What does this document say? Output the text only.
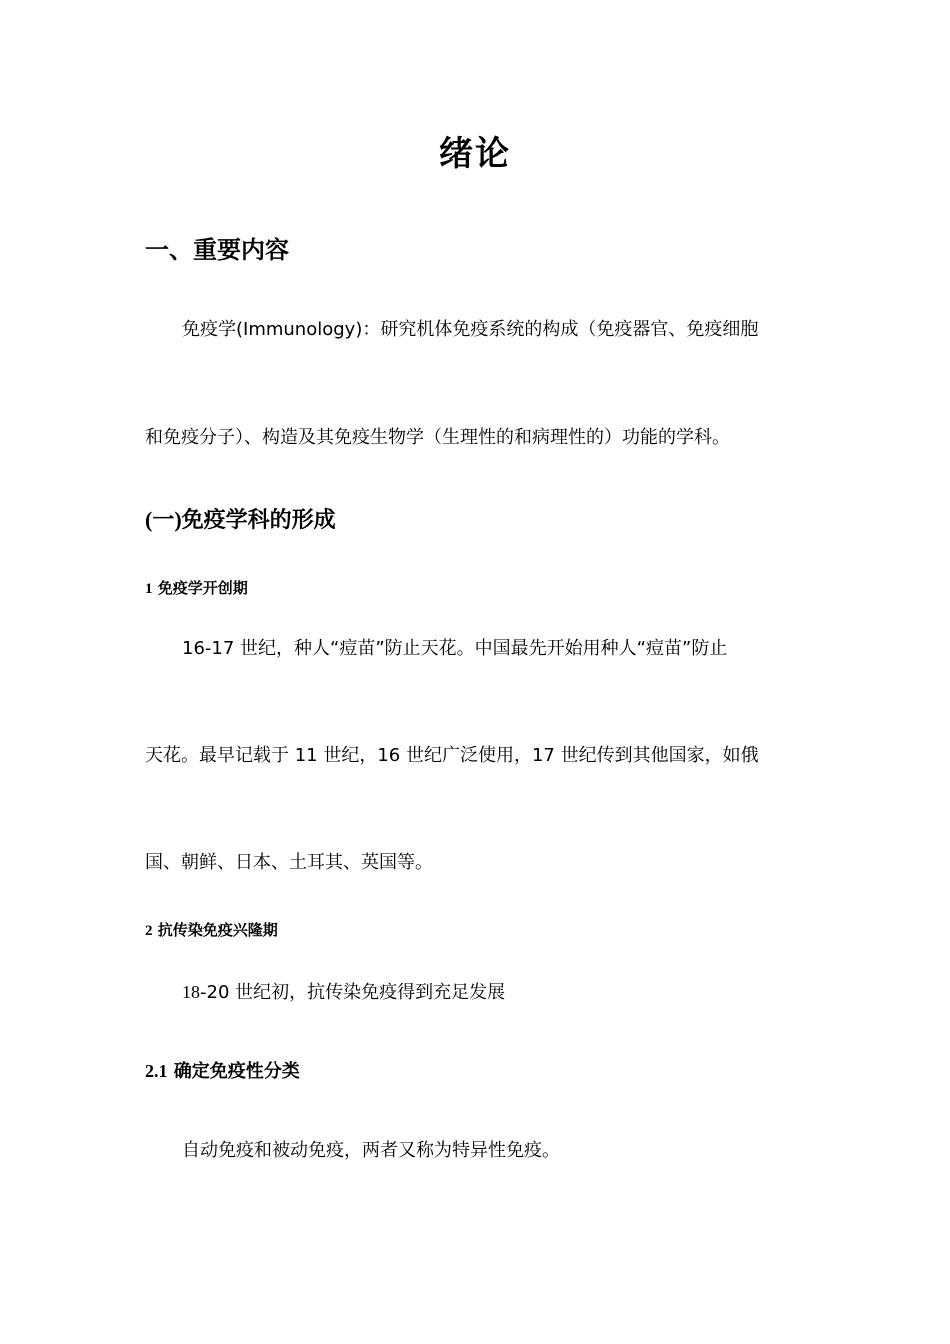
绪论
一、重要内容

免疫学(Immunology)：研究机体免疫系统的构成（免疫器官、免疫细胞

和免疫分子）、构造及其免疫生物学（生理性的和病理性的）功能的学科。

(一)免疫学科的形成
1 免疫学开创期

16-17 世纪，种人“痘苗”防止天花。中国最先开始用种人“痘苗”防止

天花。最早记载于 11 世纪，16 世纪广泛使用，17 世纪传到其他国家，如俄

国、朝鲜、日本、土耳其、英国等。

2 抗传染免疫兴隆期

18-20 世纪初，抗传染免疫得到充足发展

2.1 确定免疫性分类

自动免疫和被动免疫，两者又称为特异性免疫。
